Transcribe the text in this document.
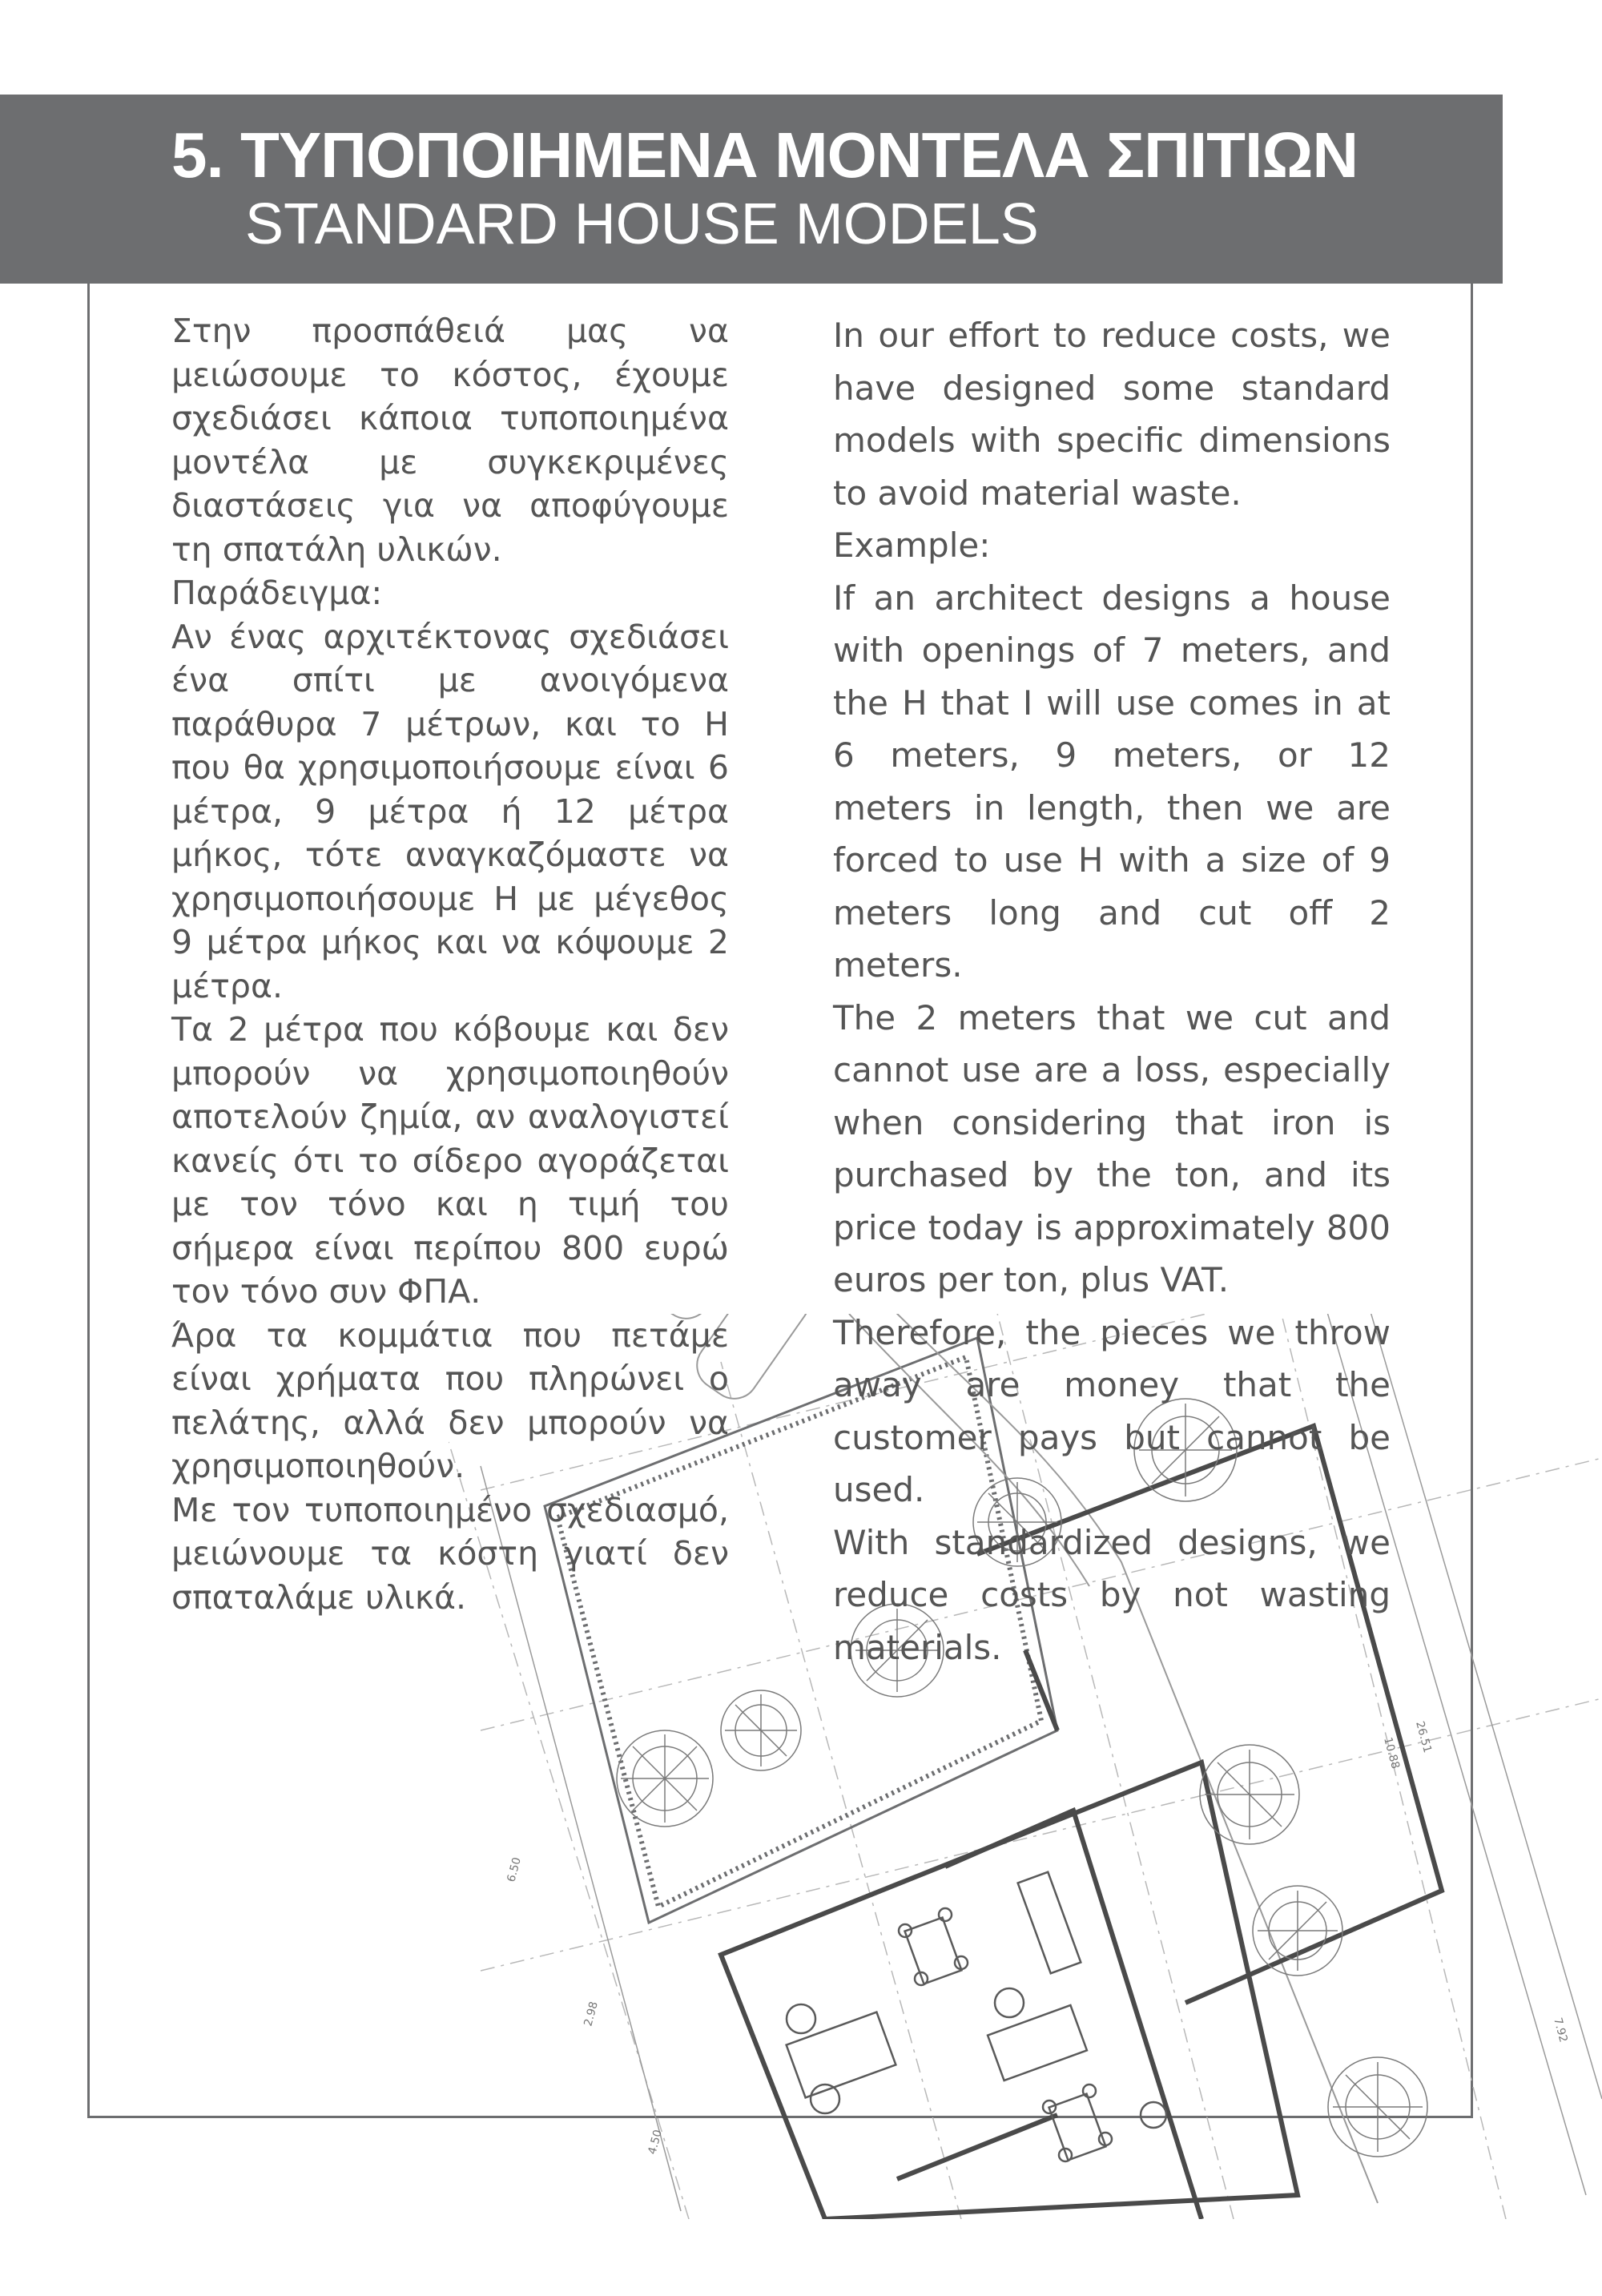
5. ΤΥΠΟΠΟΙΗΜΕΝΑ ΜΟΝΤΕΛΑ ΣΠΙΤΙΩΝ
STANDARD HOUSE MODELS
6.50
2.98
4.50
10.88 26.51
7.92

Στην προσπάθειά μας να μειώσουμε το κόστος, έχουμε σχεδιάσει κάποια τυποποιημένα μοντέλα με συγκεκριμένες διαστάσεις για να αποφύγουμε τη σπατάλη υλικών.

Παράδειγμα:

Αν ένας αρχιτέκτονας σχεδιάσει ένα σπίτι με ανοιγόμενα παράθυρα 7 μέτρων, και το Η που θα χρησιμοποιήσουμε είναι 6 μέτρα, 9 μέτρα ή 12 μέτρα μήκος, τότε αναγκαζόμαστε να χρησιμοποιήσουμε Η με μέγεθος 9 μέτρα μήκος και να κόψουμε 2 μέτρα.

Τα 2 μέτρα που κόβουμε και δεν μπορούν να χρησιμοποιηθούν αποτελούν ζημία, αν αναλογιστεί κανείς ότι το σίδερο αγοράζεται με τον τόνο και η τιμή του σήμερα είναι περίπου 800 ευρώ τον τόνο συν ΦΠΑ.

Άρα τα κομμάτια που πετάμε είναι χρήματα που πληρώνει ο πελάτης, αλλά δεν μπορούν να χρησιμοποιηθούν.

Με τον τυποποιημένο σχεδιασμό, μειώνουμε τα κόστη γιατί δεν σπαταλάμε υλικά.

In our effort to reduce costs, we have designed some standard models with specific dimensions to avoid material waste.

Example:

If an architect designs a house with openings of 7 meters, and the H that I will use comes in at 6 meters, 9 meters, or 12 meters in length, then we are forced to use H with a size of 9 meters long and cut off 2 meters.

The 2 meters that we cut and cannot use are a loss, especially when considering that iron is purchased by the ton, and its price today is approximately 800 euros per ton, plus VAT.

Therefore, the pieces we throw away are money that the customer pays but cannot be used.

With standardized designs, we reduce costs by not wasting materials.
